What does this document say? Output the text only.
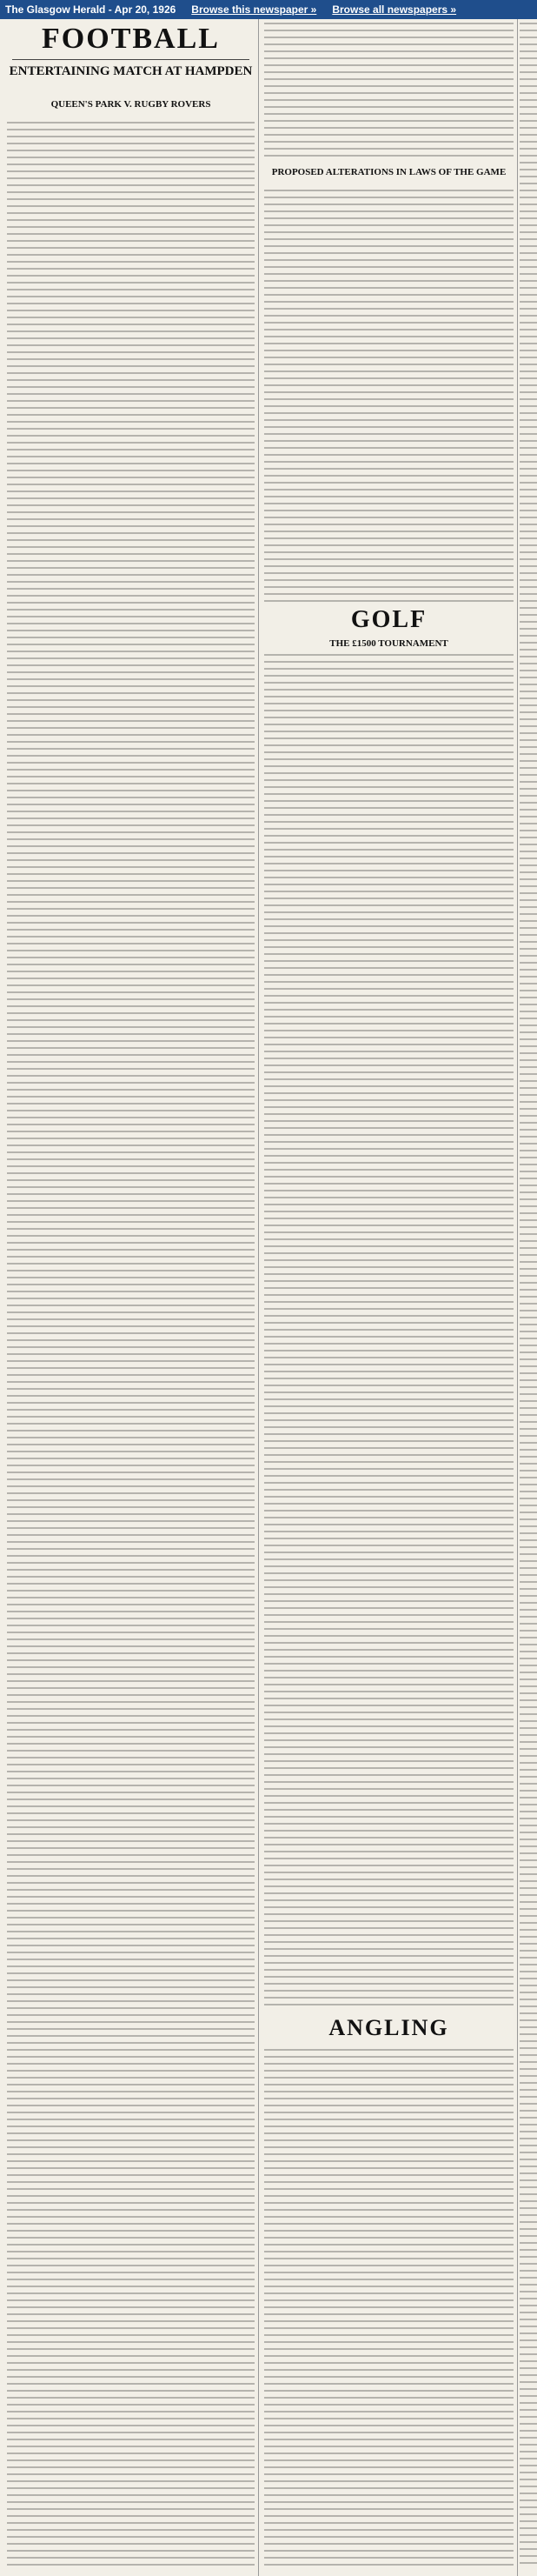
The Glasgow Herald - Apr 20, 1926 Browse this newspaper » Browse all newspapers »
FOOTBALL
ENTERTAINING MATCH AT HAMPDEN
QUEEN'S PARK V. RUGBY ROVERS
PROPOSED ALTERATIONS IN LAWS OF THE GAME
GOLF
THE £1500 TOURNAMENT
ANGLING
